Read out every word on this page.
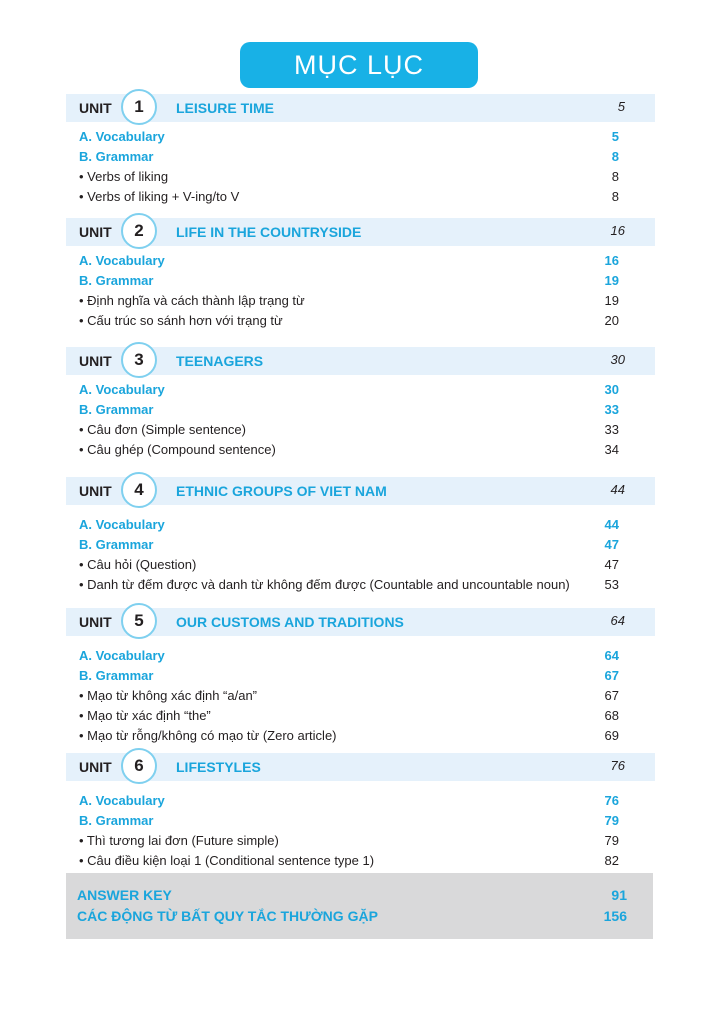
MỤC LỤC
UNIT	1	LEISURE TIME	5
A. Vocabulary	5
B. Grammar	8
• Verbs of liking	8
• Verbs of liking + V-ing/to V	8
UNIT	2	LIFE IN THE COUNTRYSIDE	16
A. Vocabulary	16
B. Grammar	19
• Định nghĩa và cách thành lập trạng từ	19
• Cấu trúc so sánh hơn với trạng từ	20
UNIT	3	TEENAGERS	30
A. Vocabulary	30
B. Grammar	33
• Câu đơn (Simple sentence)	33
• Câu ghép (Compound sentence)	34
UNIT	4	ETHNIC GROUPS OF VIET NAM	44
A. Vocabulary	44
B. Grammar	47
• Câu hỏi (Question)	47
• Danh từ đếm được và danh từ không đếm được (Countable and uncountable noun)	53
UNIT	5	OUR CUSTOMS AND TRADITIONS	64
A. Vocabulary	64
B. Grammar	67
• Mạo từ không xác định “a/an”	67
• Mạo từ xác định “the”	68
• Mạo từ rỗng/không có mạo từ (Zero article)	69
UNIT	6	LIFESTYLES	76
A. Vocabulary	76
B. Grammar	79
• Thì tương lai đơn (Future simple)	79
• Câu điều kiện loại 1 (Conditional sentence type 1)	82
ANSWER KEY	91
CÁC ĐỘNG TỪ BẤT QUY TẮC THƯỜNG GẶP	156
